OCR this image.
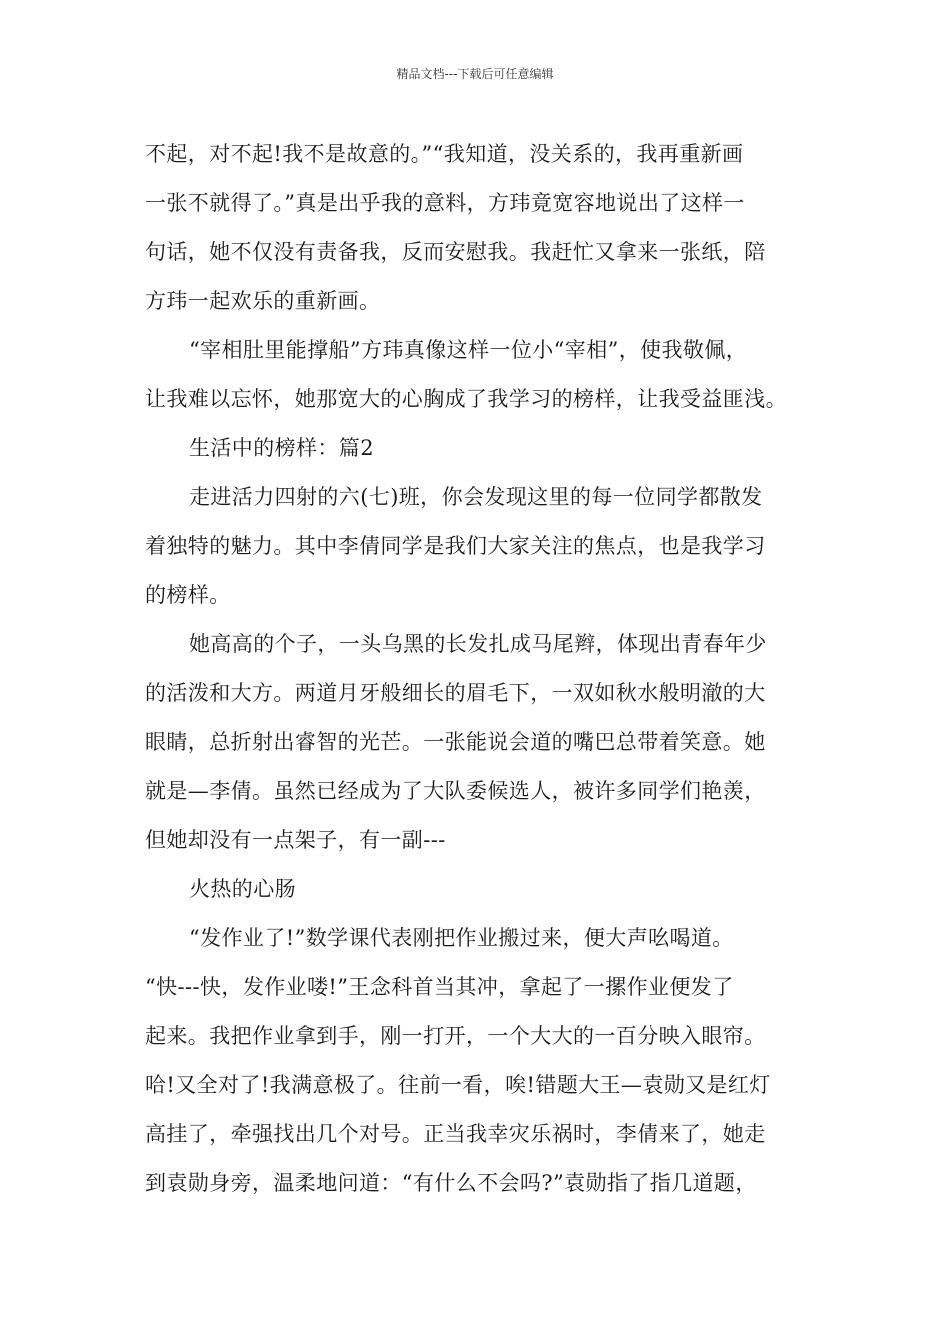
精品文档---下载后可任意编辑
不起，对不起!我不是故意的。”“我知道，没关系的，我再重新画
一张不就得了。”真是出乎我的意料，方玮竟宽容地说出了这样一
句话，她不仅没有责备我，反而安慰我。我赶忙又拿来一张纸，陪
方玮一起欢乐的重新画。
“宰相肚里能撑船”方玮真像这样一位小“宰相”，使我敬佩，
让我难以忘怀，她那宽大的心胸成了我学习的榜样，让我受益匪浅。
生活中的榜样：篇2
走进活力四射的六(七)班，你会发现这里的每一位同学都散发
着独特的魅力。其中李倩同学是我们大家关注的焦点，也是我学习
的榜样。
她高高的个子，一头乌黑的长发扎成马尾辫，体现出青春年少
的活泼和大方。两道月牙般细长的眉毛下，一双如秋水般明澈的大
眼睛，总折射出睿智的光芒。一张能说会道的嘴巴总带着笑意。她
就是—李倩。虽然已经成为了大队委候选人，被许多同学们艳羡，
但她却没有一点架子，有一副---
火热的心肠
“发作业了!”数学课代表刚把作业搬过来，便大声吆喝道。
“快---快，发作业喽!”王念科首当其冲，拿起了一摞作业便发了
起来。我把作业拿到手，刚一打开，一个大大的一百分映入眼帘。
哈!又全对了!我满意极了。往前一看，唉!错题大王—袁勋又是红灯
高挂了，牵强找出几个对号。正当我幸灾乐祸时，李倩来了，她走
到袁勋身旁，温柔地问道：“有什么不会吗?”袁勋指了指几道题，
